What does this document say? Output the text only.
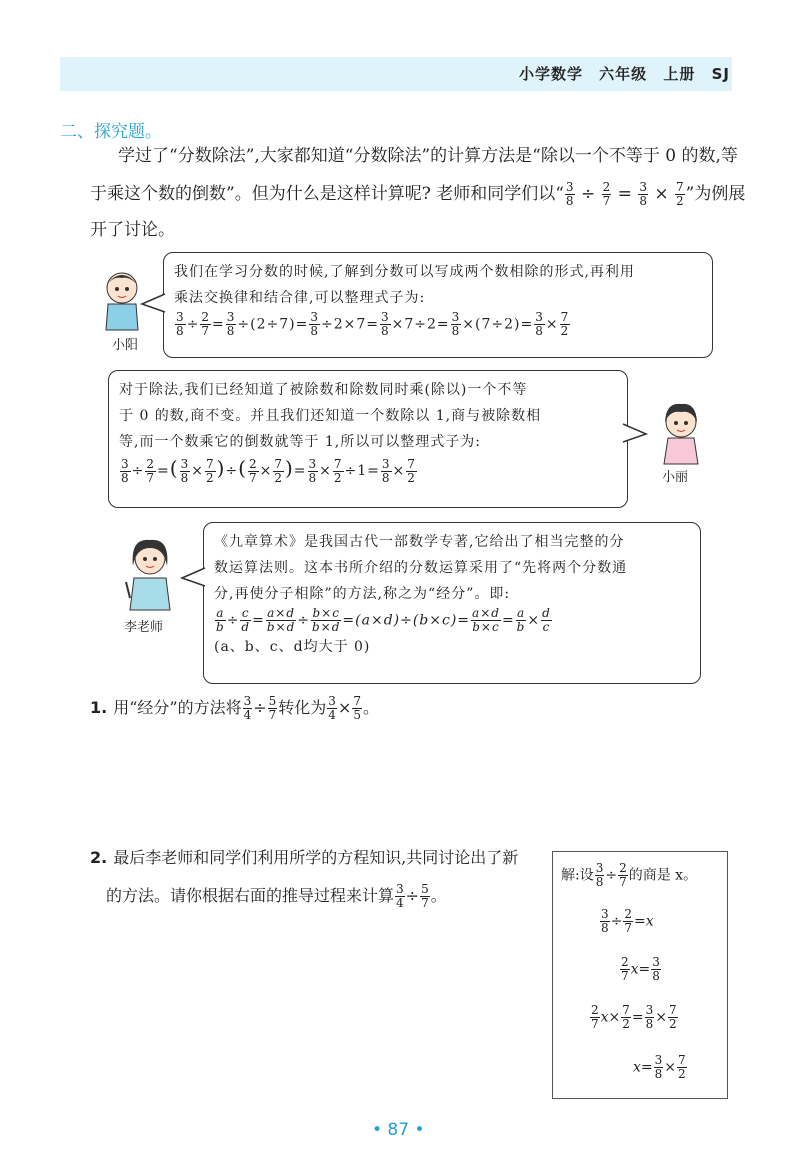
小学数学 六年级 上册 SJ
二、探究题。
学过了“分数除法”,大家都知道“分数除法”的计算方法是“除以一个不等于 0 的数,等
于乘这个数的倒数”。但为什么是这样计算呢? 老师和同学们以“ $\frac{3}{8} \div \frac{2}{7} = \frac{3}{8} \times \frac{7}{2}$ ”为例展
开了讨论。
小阳
我们在学习分数的时候,了解到分数可以写成两个数相除的形式,再利用
乘法交换律和结合律,可以整理式子为:
$\frac{3}{8} \div \frac{2}{7} = \frac{3}{8} \div(2\div 7)= \frac{3}{8} \div 2\times 7= \frac{3}{8} \times 7\div 2= \frac{3}{8} \times(7\div 2)= \frac{3}{8} \times \frac{7}{2}$
对于除法,我们已经知道了被除数和除数同时乘(除以)一个不等
于 0 的数,商不变。并且我们还知道一个数除以 1,商与被除数相
等,而一个数乘它的倒数就等于 1,所以可以整理式子为:
$\frac{3}{8} \div \frac{2}{7}$ =( $\frac{3}{8} \times \frac{7}{2}$ )÷( $\frac{2}{7} \times \frac{7}{2}$ )= $\frac{3}{8} \times \frac{7}{2} \div 1= \frac{3}{8} \times \frac{7}{2}$	小丽
李老师
《九章算术》是我国古代一部数学专著,它给出了相当完整的分
数运算法则。这本书所介绍的分数运算采用了“先将两个分数通
分,再使分子相除”的方法,称之为“经分”。即:
$\frac{a}{b} \div \frac{c}{d} = \frac{a\times d}{b\times d} \div \frac{b\times c}{b\times d} =(a\times d)\div(b\times c)= \frac{a\times d}{b\times c} = \frac{a}{b} \times \frac{d}{c}$
(a、b、c、d均大于 0)
1. 用“经分”的方法将 $\frac{3}{4} \div \frac{5}{7}$ 转化为 $\frac{3}{4} \times \frac{7}{5}$ 。
2. 最后李老师和同学们利用所学的方程知识,共同讨论出了新
的方法。请你根据右面的推导过程来计算 $\frac{3}{4} \div \frac{5}{7}$ 。
解:设 $\frac{3}{8} \div \frac{2}{7}$ 的商是 x。
$\frac{3}{8} \div \frac{2}{7} =x$
$\frac{2}{7} x= \frac{3}{8}$
$\frac{2}{7} x\times \frac{7}{2} = \frac{3}{8} \times \frac{7}{2}$
$x= \frac{3}{8} \times \frac{7}{2}$
• 87 •
